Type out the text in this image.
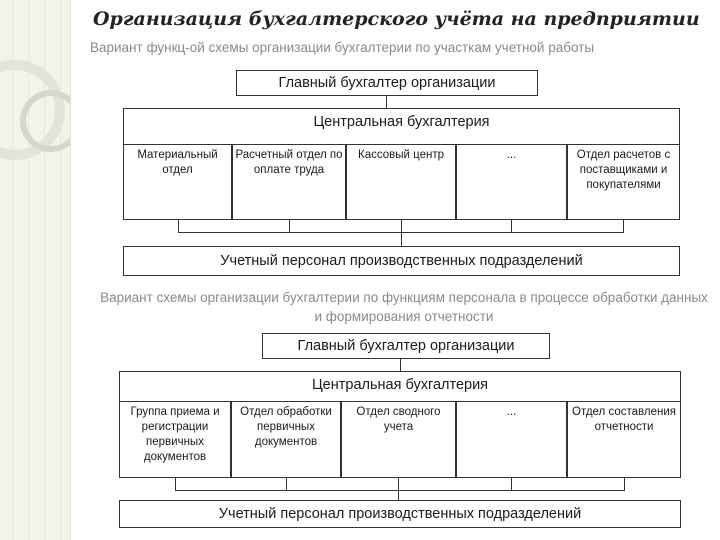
Организация бухгалтерского учёта на предприятии
Вариант функц-ой схемы организации бухгалтерии по участкам учетной работы
Главный бухгалтер организации
Центральная бухгалтерия
Материальный отдел
Расчетный отдел по оплате труда
Кассовый центр	...	Отдел расчетов с поставщиками и покупателями
Учетный персонал производственных подразделений
Вариант схемы организации бухгалтерии по функциям персонала в процессе обработки данных и формирования отчетности
Главный бухгалтер организации
Центральная бухгалтерия
Группа приема и регистрации первичных документов
Отдел обработки первичных документов
Отдел сводного учета
...	Отдел составления отчетности
Учетный персонал производственных подразделений
